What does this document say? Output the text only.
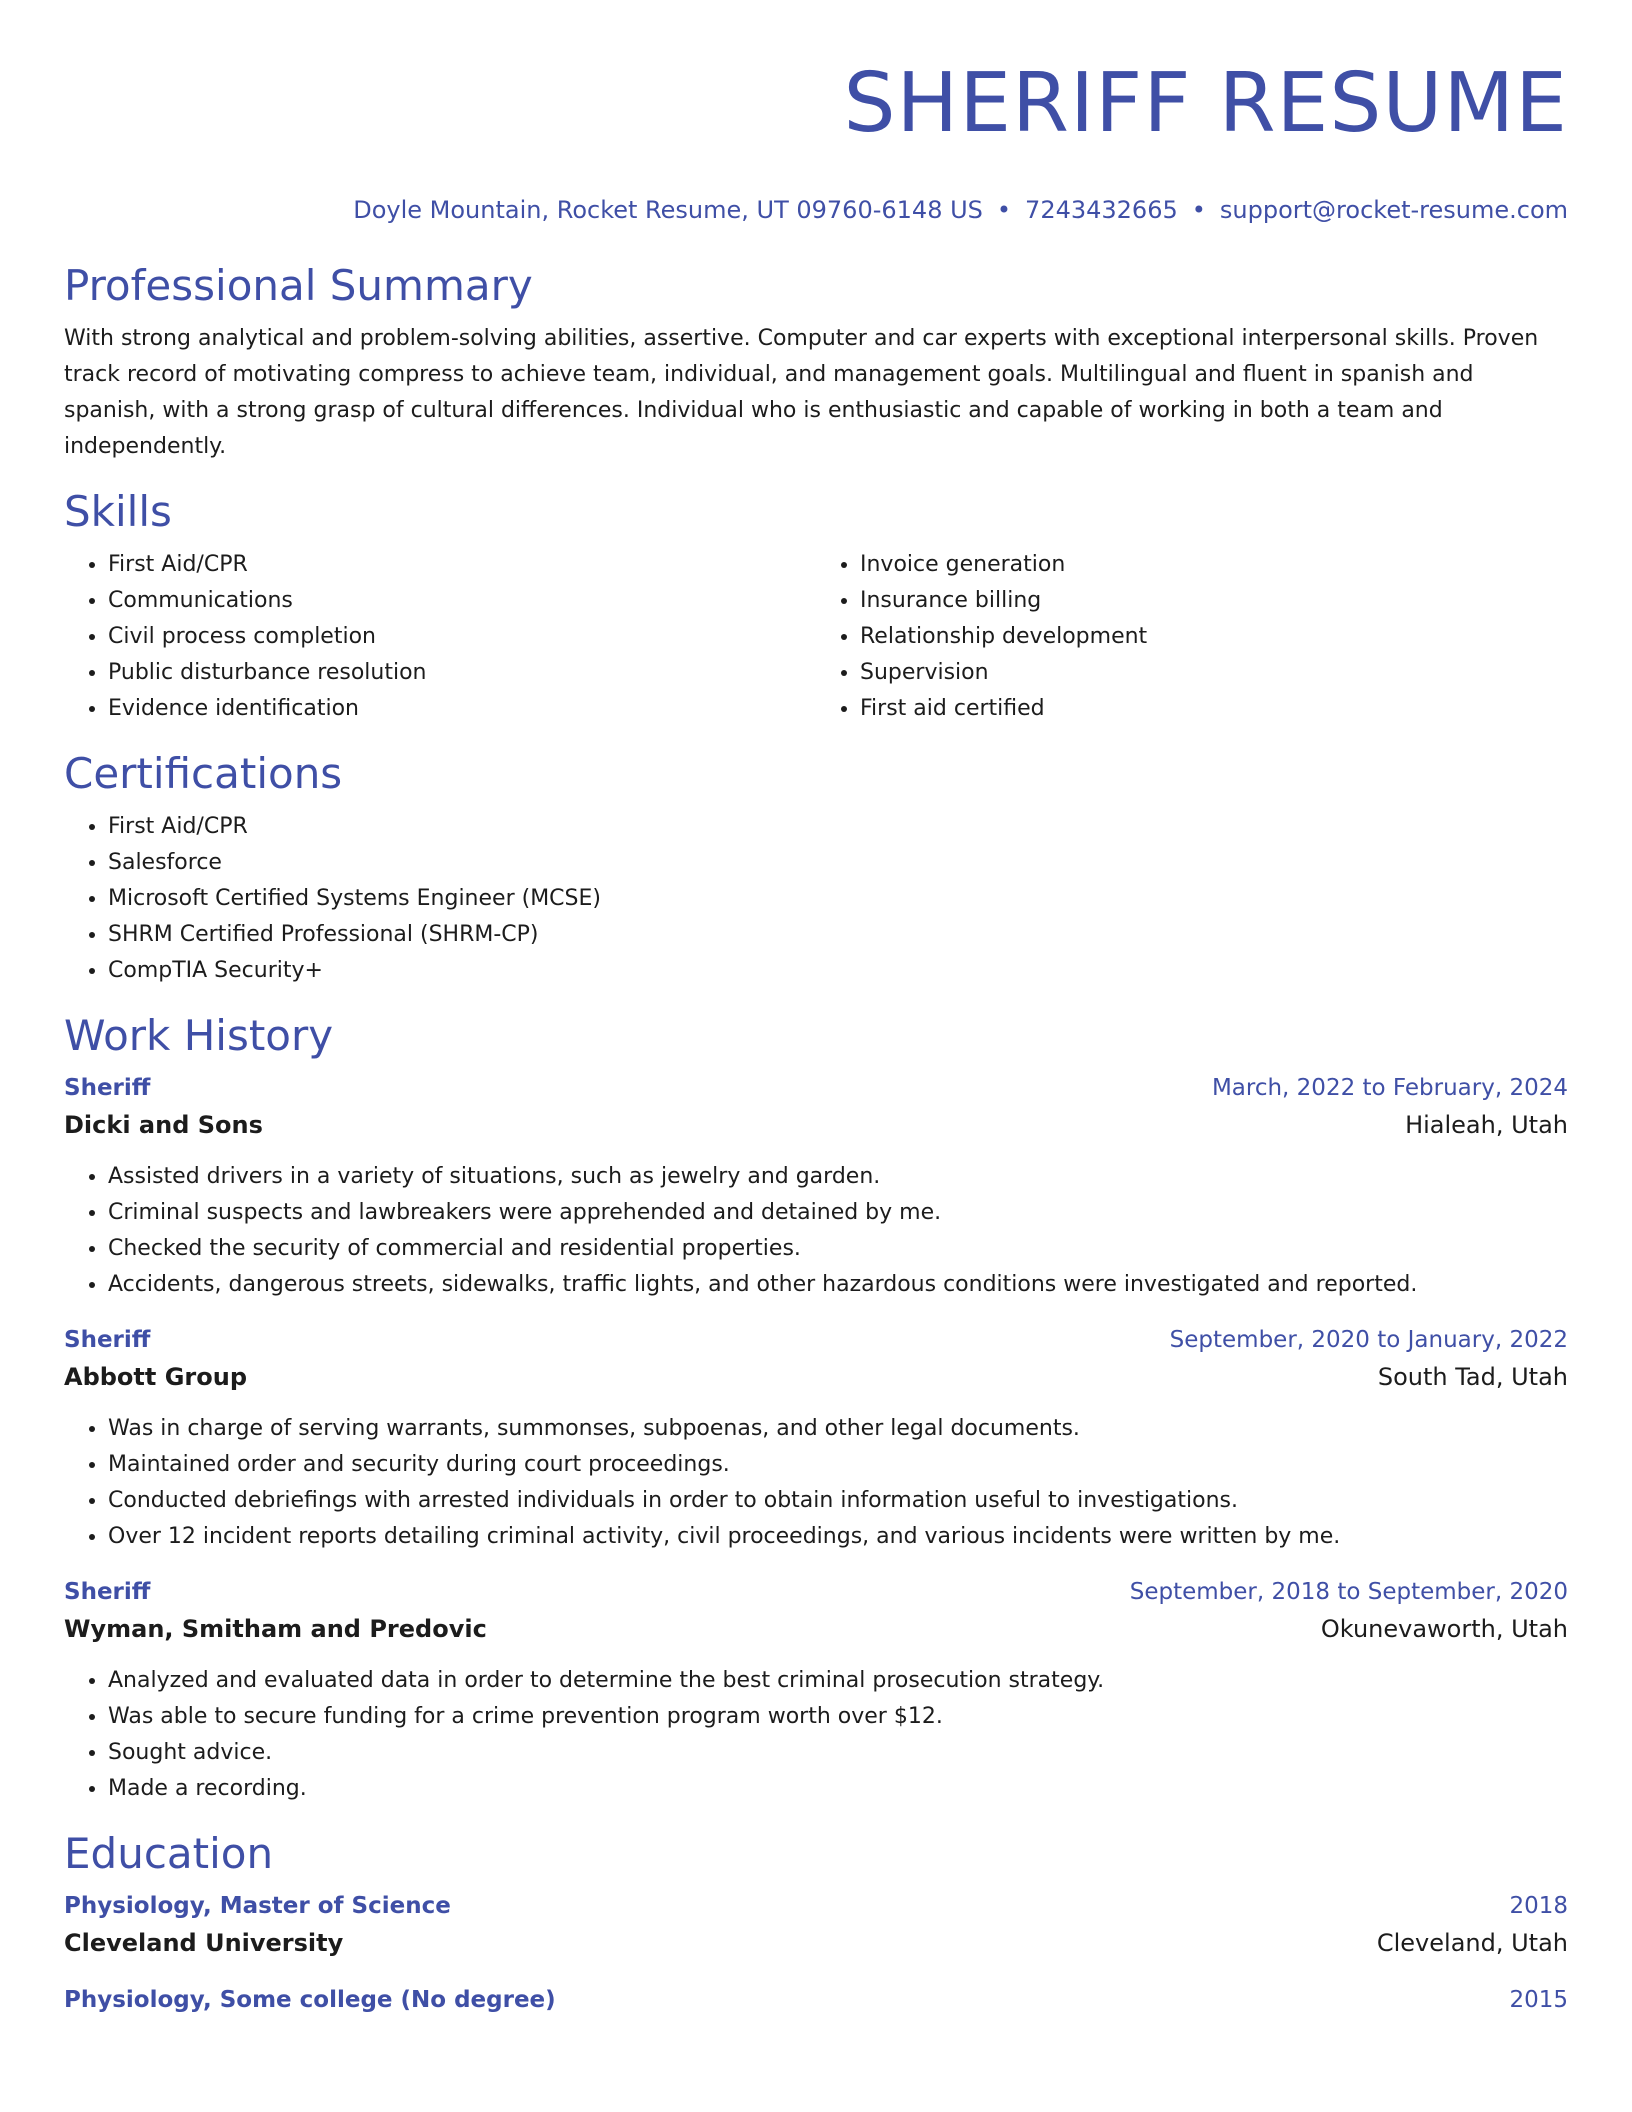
SHERIFF RESUME
Doyle Mountain, Rocket Resume, UT 09760-6148 US • 7243432665 • support@rocket-resume.com
Professional Summary

With strong analytical and problem-solving abilities, assertive. Computer and car experts with exceptional interpersonal skills. Proven track record of motivating compress to achieve team, individual, and management goals. Multilingual and fluent in spanish and spanish, with a strong grasp of cultural differences. Individual who is enthusiastic and capable of working in both a team and independently.

Skills
• First Aid/CPR
• Communications
• Civil process completion
• Public disturbance resolution
• Evidence identification
• Invoice generation
• Insurance billing
• Relationship development
• Supervision
• First aid certified
Certifications
• First Aid/CPR
• Salesforce
• Microsoft Certified Systems Engineer (MCSE)
• SHRM Certified Professional (SHRM-CP)
• CompTIA Security+
Work History
Sheriff	March, 2022 to February, 2024
Dicki and Sons	Hialeah, Utah
• Assisted drivers in a variety of situations, such as jewelry and garden.
• Criminal suspects and lawbreakers were apprehended and detained by me.
• Checked the security of commercial and residential properties.
• Accidents, dangerous streets, sidewalks, traffic lights, and other hazardous conditions were investigated and reported.
Sheriff	September, 2020 to January, 2022
Abbott Group	South Tad, Utah
• Was in charge of serving warrants, summonses, subpoenas, and other legal documents.
• Maintained order and security during court proceedings.
• Conducted debriefings with arrested individuals in order to obtain information useful to investigations.
• Over 12 incident reports detailing criminal activity, civil proceedings, and various incidents were written by me.
Sheriff	September, 2018 to September, 2020
Wyman, Smitham and Predovic	Okunevaworth, Utah
• Analyzed and evaluated data in order to determine the best criminal prosecution strategy.
• Was able to secure funding for a crime prevention program worth over $12.
• Sought advice.
• Made a recording.
Education
Physiology, Master of Science	2018
Cleveland University	Cleveland, Utah
Physiology, Some college (No degree)	2015
